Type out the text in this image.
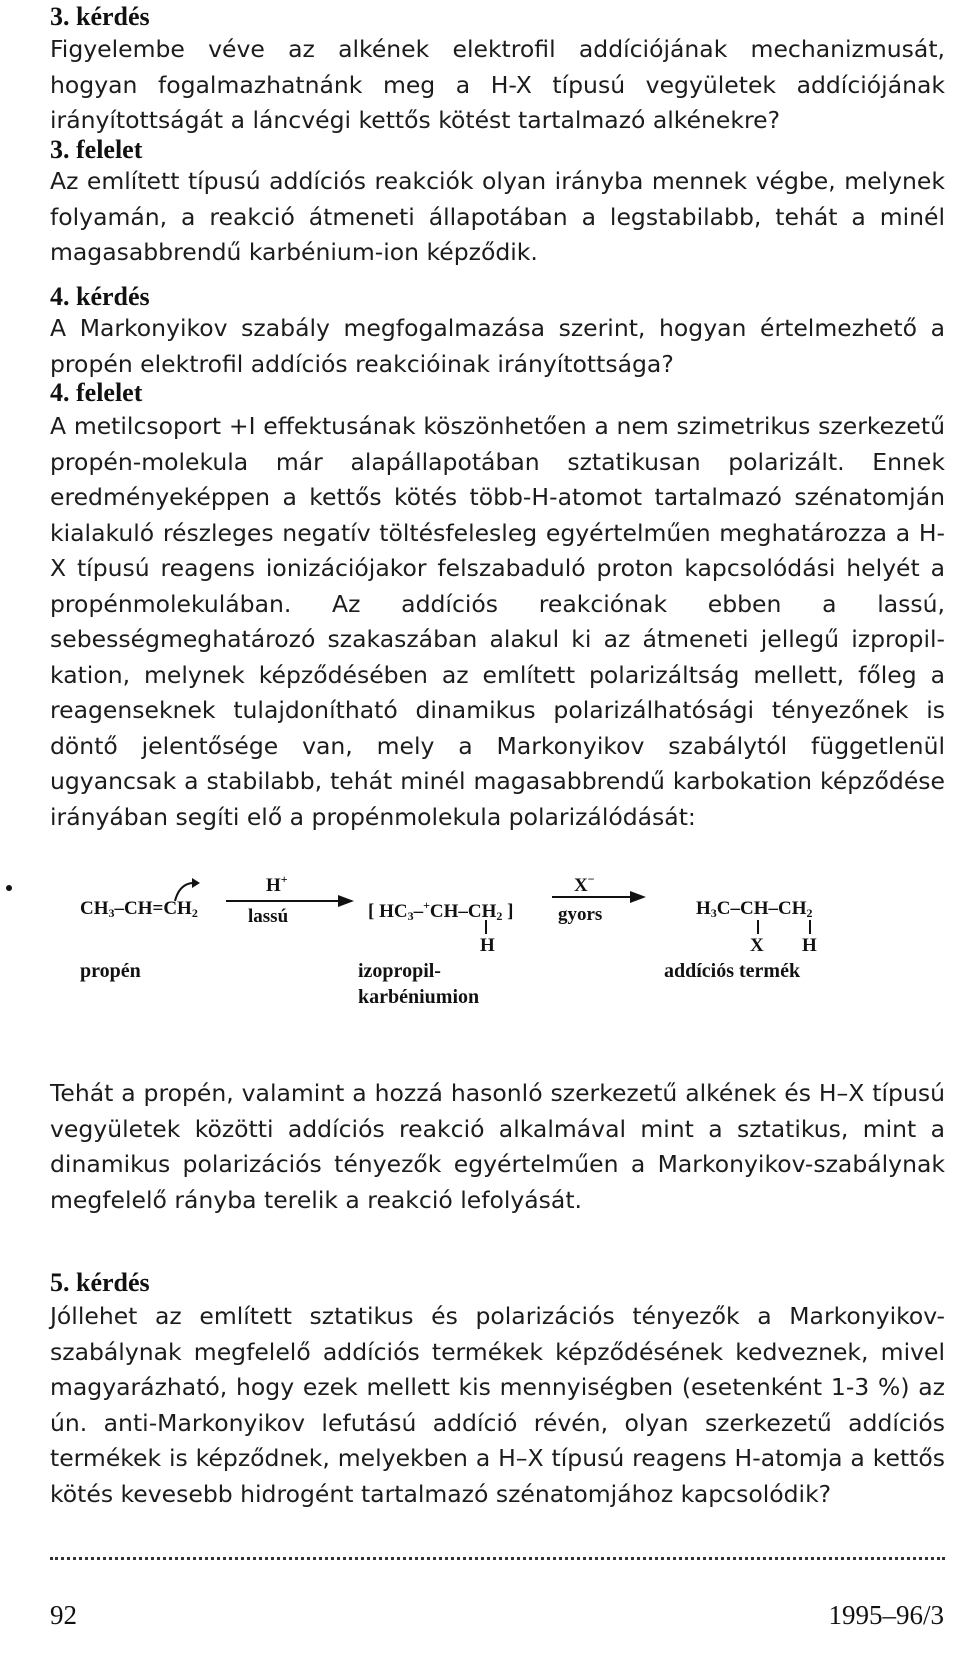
3. kérdés

Figyelembe véve az alkének elektrofil addíciójának mechanizmusát, hogyan fogalmazhatnánk meg a H-X típusú vegyületek addíciójának irányítottságát a láncvégi kettős kötést tartalmazó alkénekre?

3. felelet

Az említett típusú addíciós reakciók olyan irányba mennek végbe, melynek folyamán, a reakció átmeneti állapotában a legstabilabb, tehát a minél magasabbrendű karbénium-ion képződik.

4. kérdés

A Markonyikov szabály megfogalmazása szerint, hogyan értelmezhető a propén elektrofil addíciós reakcióinak irányítottsága?

4. felelet

A metilcsoport +I effektusának köszönhetően a nem szimetrikus szerkezetű propén-molekula már alapállapotában sztatikusan polarizált. Ennek eredményeképpen a kettős kötés több-H-atomot tartalmazó szénatomján kialakuló részleges negatív töltésfelesleg egyértelműen meghatározza a H-X típusú reagens ionizációjakor felszabaduló proton kapcsolódási helyét a propénmolekulában. Az addíciós reakciónak ebben a lassú, sebességmeghatározó szakaszában alakul ki az átmeneti jellegű izpropil-kation, melynek képződésében az említett polarizáltság mellett, főleg a reagenseknek tulajdonítható dinamikus polarizálhatósági tényezőnek is döntő jelentősége van, mely a Markonyikov szabálytól függetlenül ugyancsak a stabilabb, tehát minél magasabbrendű karbokation képződése irányában segíti elő a propénmolekula polarizálódását:

$CH_3-CH=CH_2$
H+
lassú	[ $HC_3-^+CH-CH_2$ ]
H
X−
gyors	$H_3C-CH-CH_2$
X H
propén	izopropil-
karbéniumion
addíciós termék

Tehát a propén, valamint a hozzá hasonló szerkezetű alkének és H–X típusú vegyületek közötti addíciós reakció alkalmával mint a sztatikus, mint a dinamikus polarizációs tényezők egyértelműen a Markonyikov-szabálynak megfelelő rányba terelik a reakció lefolyását.

5. kérdés

Jóllehet az említett sztatikus és polarizációs tényezők a Markonyikov-szabálynak megfelelő addíciós termékek képződésének kedveznek, mivel magyarázható, hogy ezek mellett kis mennyiségben (esetenként 1-3 %) az ún. anti-Markonyikov lefutású addíció révén, olyan szerkezetű addíciós termékek is képződnek, melyekben a H–X típusú reagens H-atomja a kettős kötés kevesebb hidrogént tartalmazó szénatomjához kapcsolódik?

92	1995–96/3
